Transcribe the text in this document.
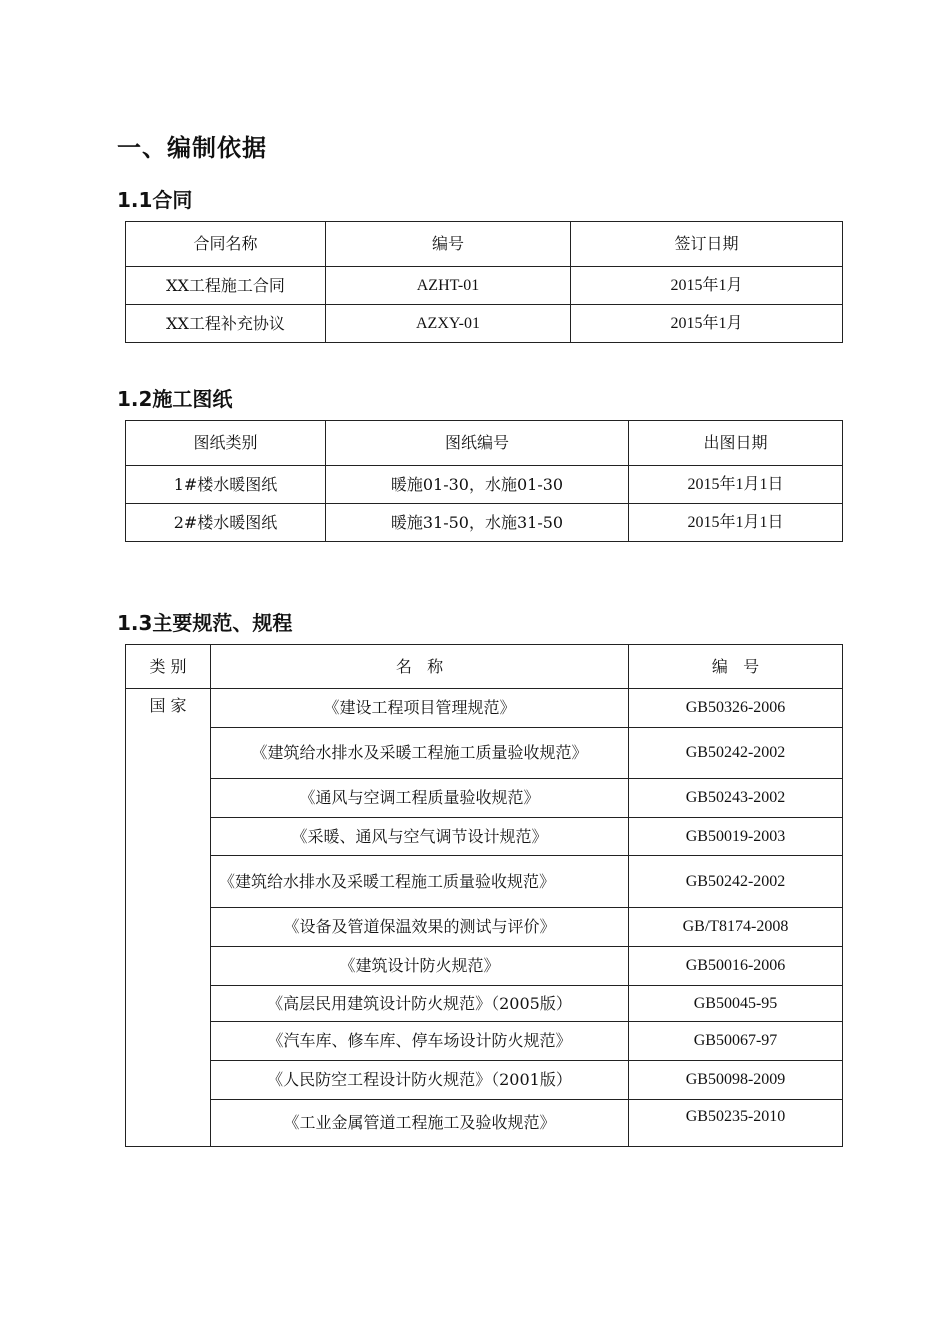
一、编制依据
1.1合同
合同名称	编号	签订日期
XX工程施工合同	AZHT-01	2015年1月
XX工程补充协议	AZXY-01	2015年1月
1.2施工图纸
图纸类别	图纸编号	出图日期
1#楼水暖图纸	暖施01-30，水施01-30	2015年1月1日
2#楼水暖图纸	暖施31-50，水施31-50	2015年1月1日
1.3主要规范、规程
类 别	名   称	编   号
国 家	《建设工程项目管理规范》	GB50326-2006
	《建筑给水排水及采暖工程施工质量验收规范》	GB50242-2002
	《通风与空调工程质量验收规范》	GB50243-2002
	《采暖、通风与空气调节设计规范》	GB50019-2003
	《建筑给水排水及采暖工程施工质量验收规范》	GB50242-2002
	《设备及管道保温效果的测试与评价》	GB/T8174-2008
	《建筑设计防火规范》	GB50016-2006
	《高层民用建筑设计防火规范》（2005版）	GB50045-95
	《汽车库、修车库、停车场设计防火规范》	GB50067-97
	《人民防空工程设计防火规范》（2001版）	GB50098-2009
	《工业金属管道工程施工及验收规范》	GB50235-2010
